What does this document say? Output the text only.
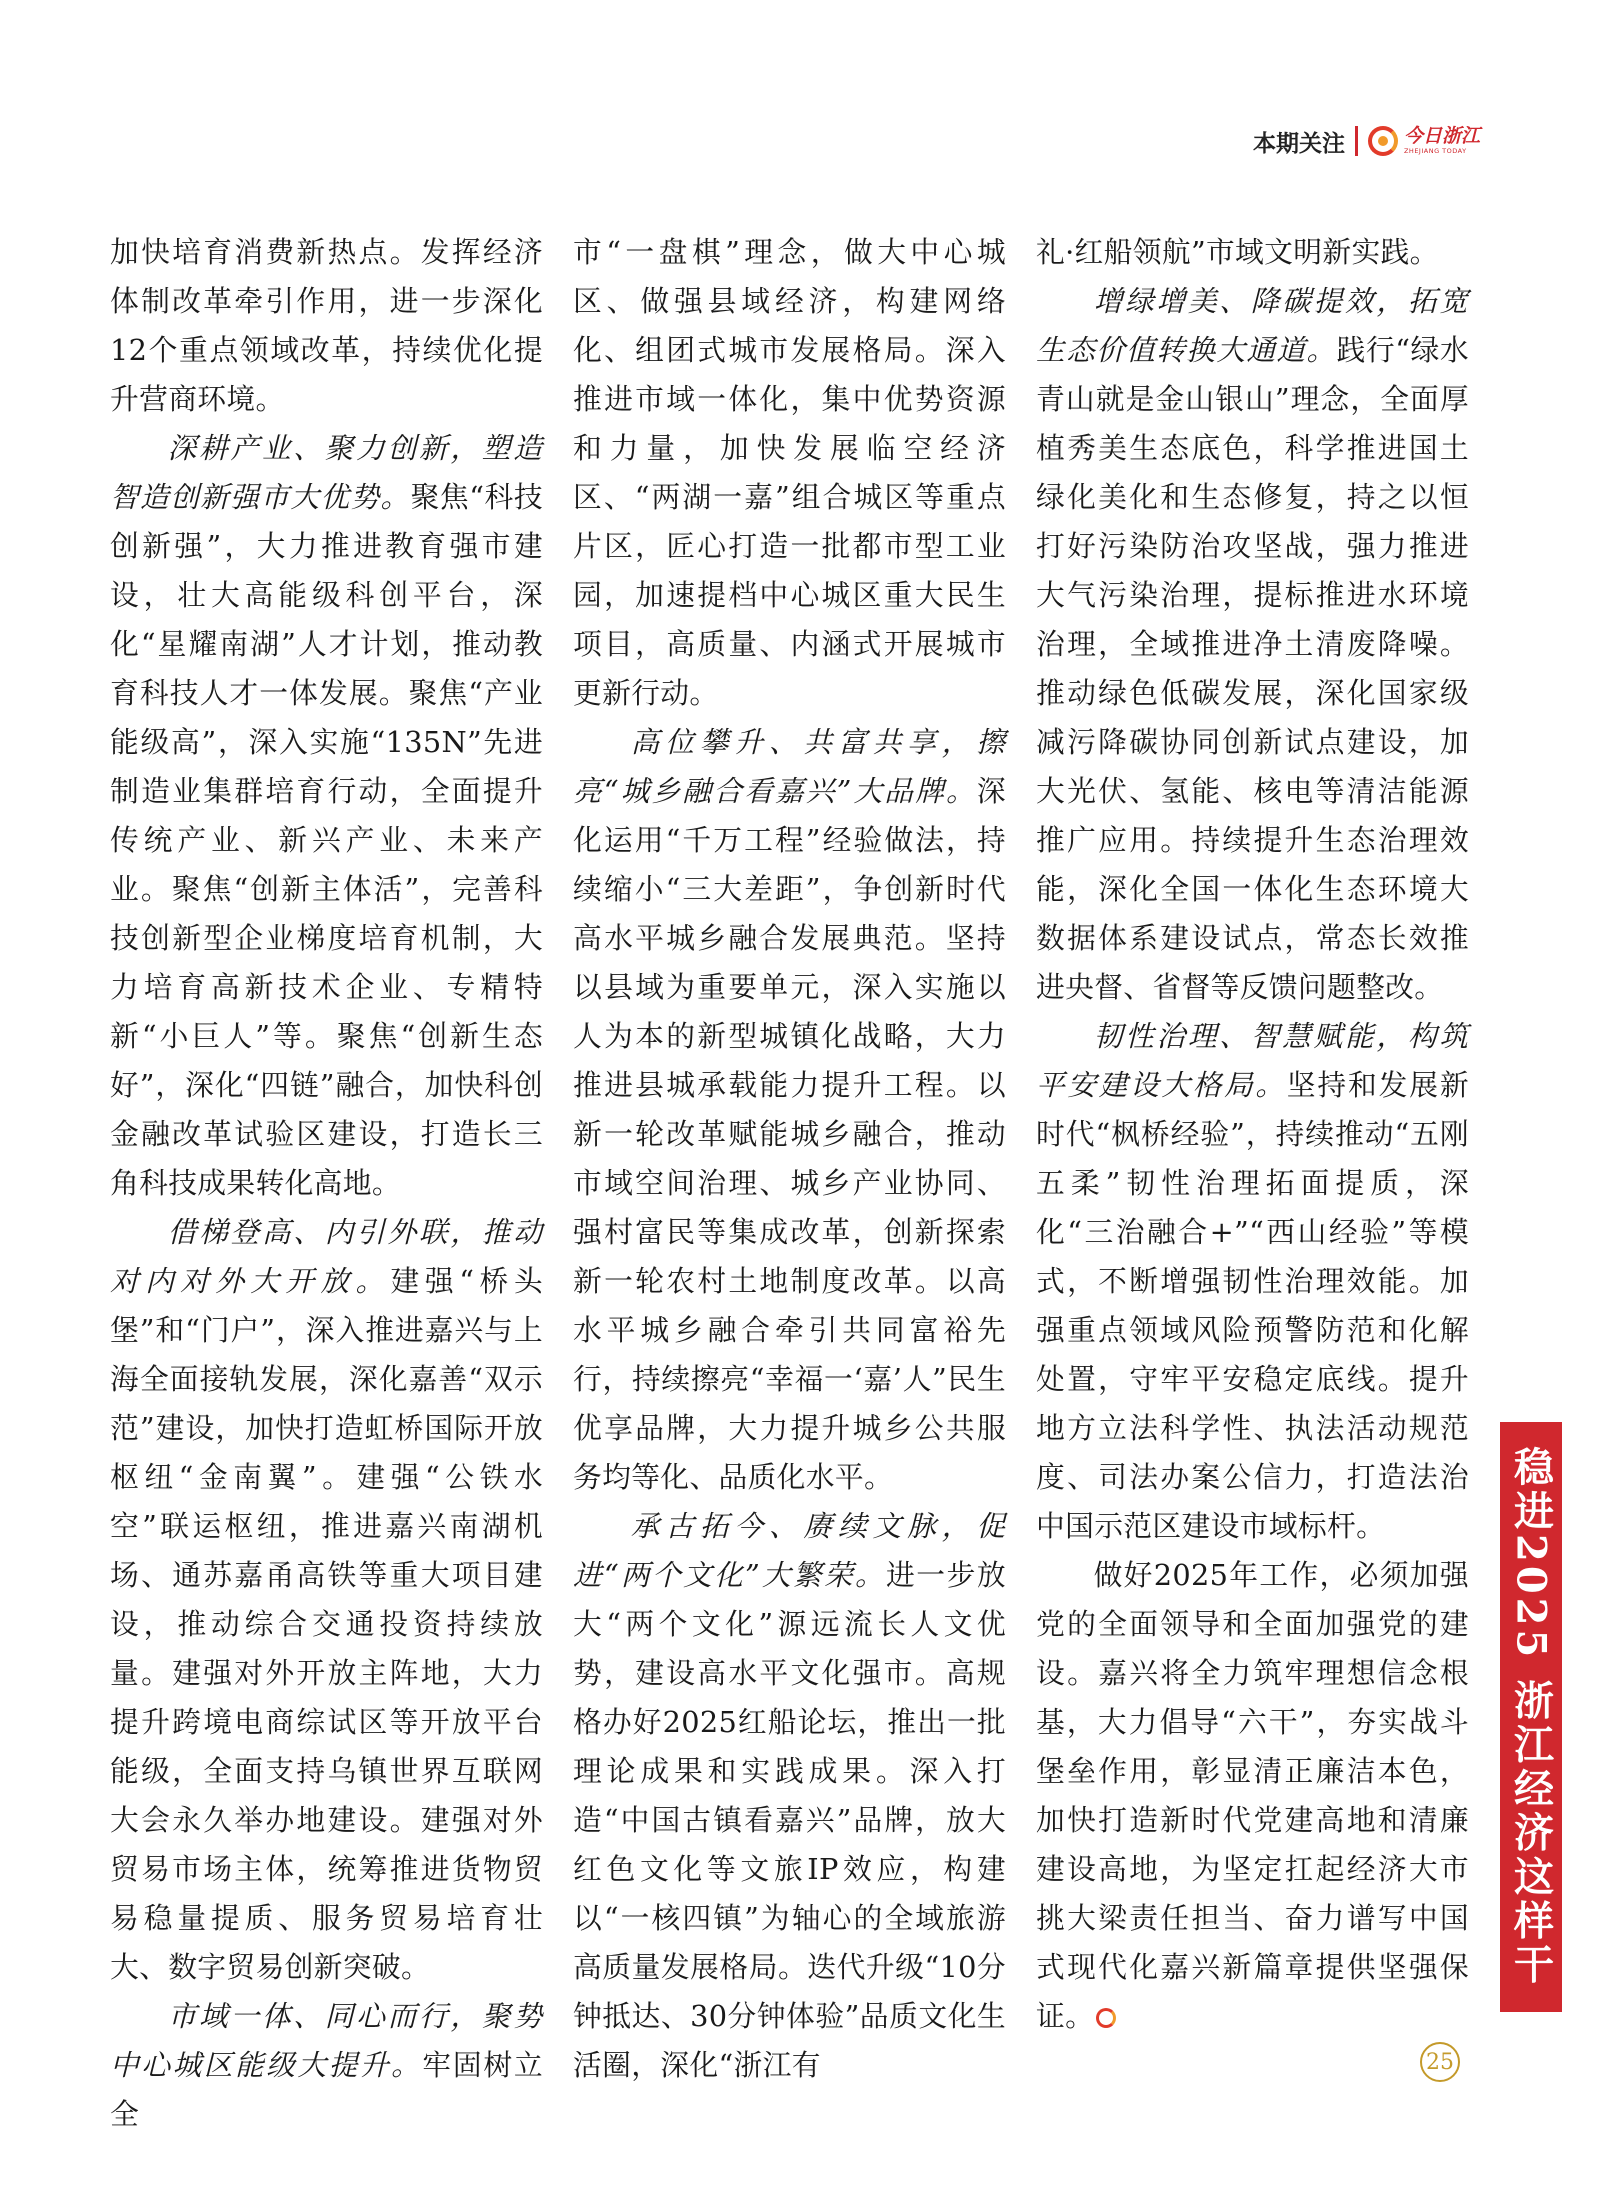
本期关注	今日浙江
ZHEJIANG TODAY

加快培育消费新热点。发挥经济体制改革牵引作用，进一步深化12个重点领域改革，持续优化提升营商环境。

深耕产业、聚力创新，塑造智造创新强市大优势。聚焦“科技创新强”，大力推进教育强市建设，壮大高能级科创平台，深化“星耀南湖”人才计划，推动教育科技人才一体发展。聚焦“产业能级高”，深入实施“135N”先进制造业集群培育行动，全面提升传统产业、新兴产业、未来产业。聚焦“创新主体活”，完善科技创新型企业梯度培育机制，大力培育高新技术企业、专精特新“小巨人”等。聚焦“创新生态好”，深化“四链”融合，加快科创金融改革试验区建设，打造长三角科技成果转化高地。

借梯登高、内引外联，推动对内对外大开放。建强“桥头堡”和“门户”，深入推进嘉兴与上海全面接轨发展，深化嘉善“双示范”建设，加快打造虹桥国际开放枢纽“金南翼”。建强“公铁水空”联运枢纽，推进嘉兴南湖机场、通苏嘉甬高铁等重大项目建设，推动综合交通投资持续放量。建强对外开放主阵地，大力提升跨境电商综试区等开放平台能级，全面支持乌镇世界互联网大会永久举办地建设。建强对外贸易市场主体，统筹推进货物贸易稳量提质、服务贸易培育壮大、数字贸易创新突破。

市域一体、同心而行，聚势中心城区能级大提升。牢固树立全

市“一盘棋”理念，做大中心城区、做强县域经济，构建网络化、组团式城市发展格局。深入推进市域一体化，集中优势资源和力量，加快发展临空经济区、“两湖一嘉”组合城区等重点片区，匠心打造一批都市型工业园，加速提档中心城区重大民生项目，高质量、内涵式开展城市更新行动。

高位攀升、共富共享，擦亮“城乡融合看嘉兴”大品牌。深化运用“千万工程”经验做法，持续缩小“三大差距”，争创新时代高水平城乡融合发展典范。坚持以县域为重要单元，深入实施以人为本的新型城镇化战略，大力推进县城承载能力提升工程。以新一轮改革赋能城乡融合，推动市域空间治理、城乡产业协同、强村富民等集成改革，创新探索新一轮农村土地制度改革。以高水平城乡融合牵引共同富裕先行，持续擦亮“幸福一‘嘉’人”民生优享品牌，大力提升城乡公共服务均等化、品质化水平。

承古拓今、赓续文脉，促进“两个文化”大繁荣。进一步放大“两个文化”源远流长人文优势，建设高水平文化强市。高规格办好2025红船论坛，推出一批理论成果和实践成果。深入打造“中国古镇看嘉兴”品牌，放大红色文化等文旅IP效应，构建以“一核四镇”为轴心的全域旅游高质量发展格局。迭代升级“10分钟抵达、30分钟体验”品质文化生活圈，深化“浙江有

礼·红船领航”市域文明新实践。

增绿增美、降碳提效，拓宽生态价值转换大通道。践行“绿水青山就是金山银山”理念，全面厚植秀美生态底色，科学推进国土绿化美化和生态修复，持之以恒打好污染防治攻坚战，强力推进大气污染治理，提标推进水环境治理，全域推进净土清废降噪。推动绿色低碳发展，深化国家级减污降碳协同创新试点建设，加大光伏、氢能、核电等清洁能源推广应用。持续提升生态治理效能，深化全国一体化生态环境大数据体系建设试点，常态长效推进央督、省督等反馈问题整改。

韧性治理、智慧赋能，构筑平安建设大格局。坚持和发展新时代“枫桥经验”，持续推动“五刚五柔”韧性治理拓面提质，深化“三治融合+”“西山经验”等模式，不断增强韧性治理效能。加强重点领域风险预警防范和化解处置，守牢平安稳定底线。提升地方立法科学性、执法活动规范度、司法办案公信力，打造法治中国示范区建设市域标杆。

做好2025年工作，必须加强党的全面领导和全面加强党的建设。嘉兴将全力筑牢理想信念根基，大力倡导“六干”，夯实战斗堡垒作用，彰显清正廉洁本色，加快打造新时代党建高地和清廉建设高地，为坚定扛起经济大市挑大梁责任担当、奋力谱写中国式现代化嘉兴新篇章提供坚强保证。

稳进2025 浙江经济这样干
25
